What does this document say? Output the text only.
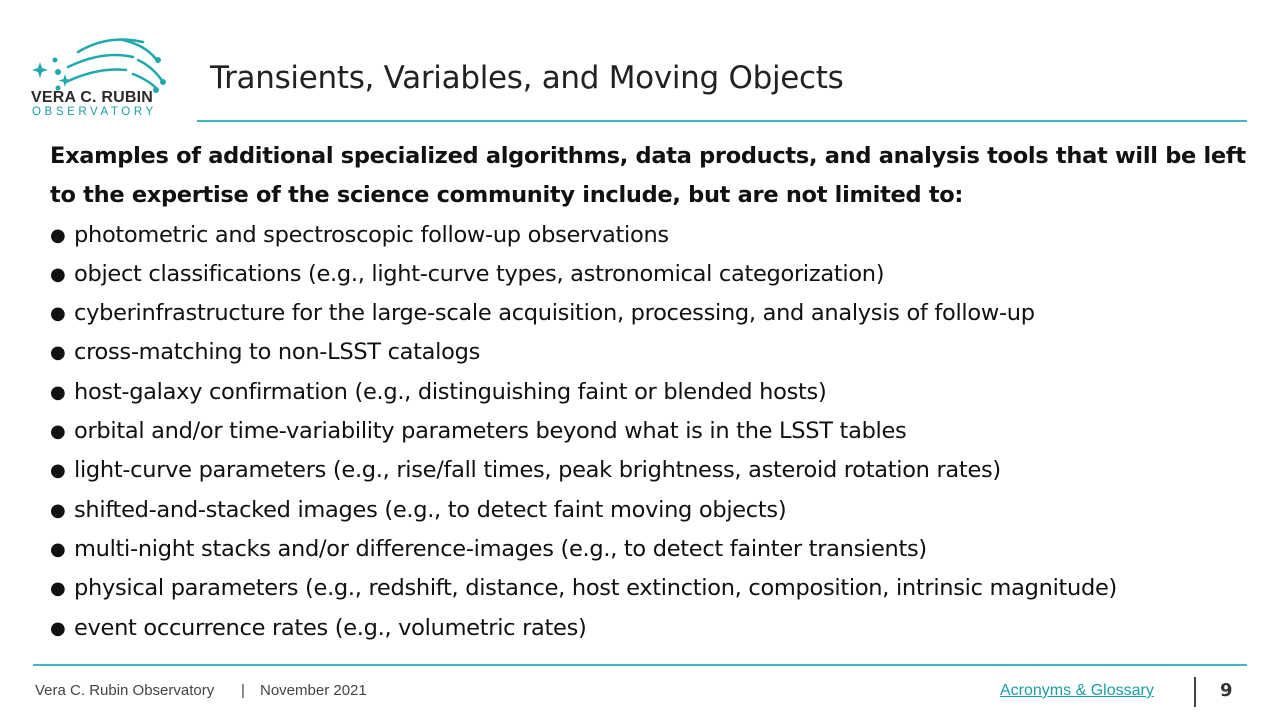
VERA C. RUBIN
OBSERVATORY
Transients, Variables, and Moving Objects
Examples of additional specialized algorithms, data products, and analysis tools that will be left to the expertise of the science community include, but are not limited to:
● photometric and spectroscopic follow-up observations
● object classifications (e.g., light-curve types, astronomical categorization)
● cyberinfrastructure for the large-scale acquisition, processing, and analysis of follow-up
● cross-matching to non-LSST catalogs
● host-galaxy confirmation (e.g., distinguishing faint or blended hosts)
● orbital and/or time-variability parameters beyond what is in the LSST tables
● light-curve parameters (e.g., rise/fall times, peak brightness, asteroid rotation rates)
● shifted-and-stacked images (e.g., to detect faint moving objects)
● multi-night stacks and/or difference-images (e.g., to detect fainter transients)
● physical parameters (e.g., redshift, distance, host extinction, composition, intrinsic magnitude)
● event occurrence rates (e.g., volumetric rates)
Vera C. Rubin Observatory | November 2021	Acronyms & Glossary	9
